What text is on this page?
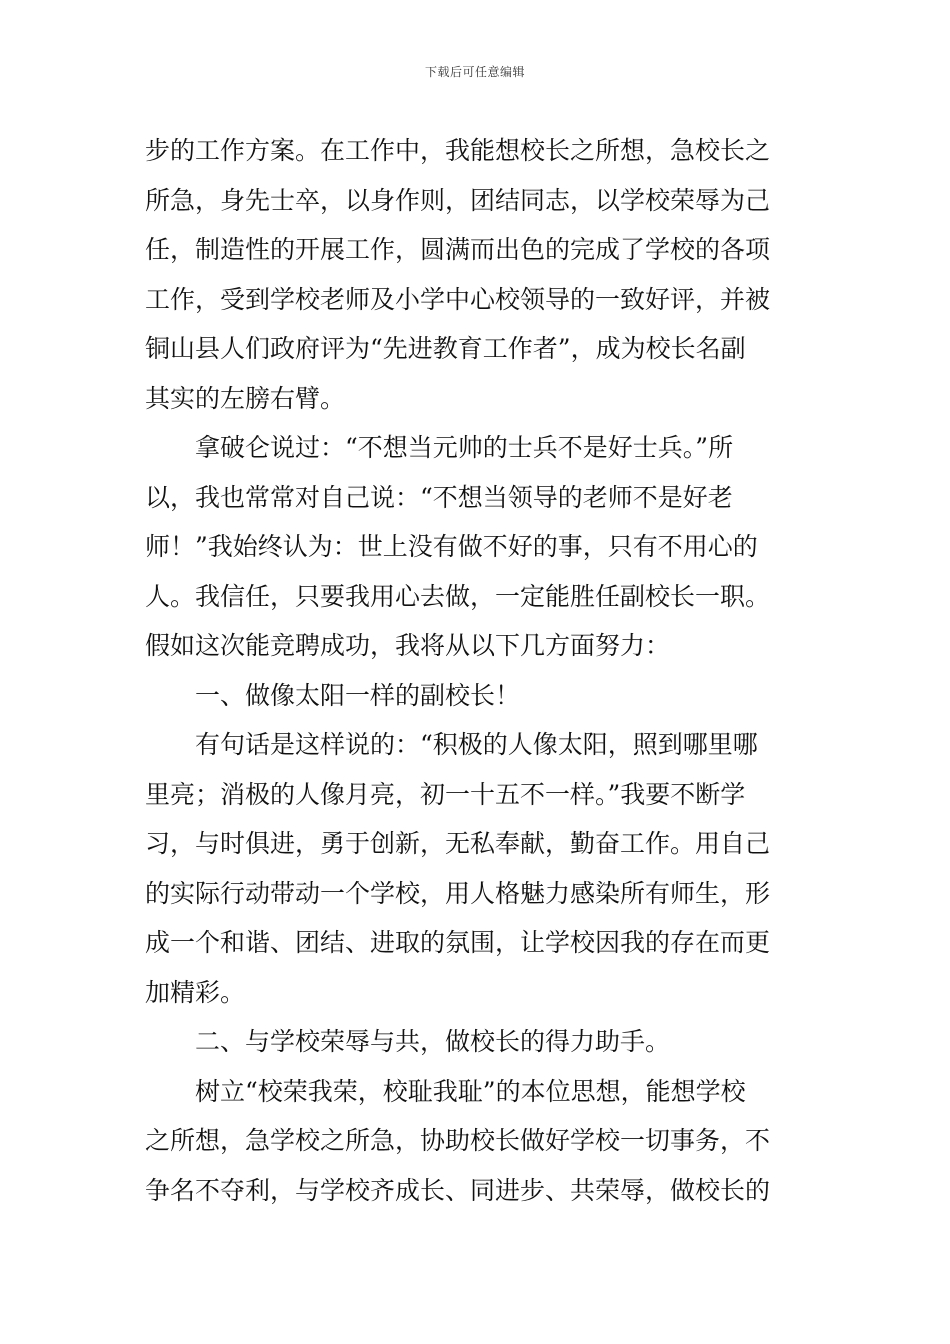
下载后可任意编辑

步的工作方案。在工作中，我能想校长之所想，急校长之
所急，身先士卒，以身作则，团结同志，以学校荣辱为己
任，制造性的开展工作，圆满而出色的完成了学校的各项
工作，受到学校老师及小学中心校领导的一致好评，并被
铜山县人们政府评为“先进教育工作者”，成为校长名副
其实的左膀右臂。

拿破仑说过：“不想当元帅的士兵不是好士兵。”所
以，我也常常对自己说：“不想当领导的老师不是好老
师！”我始终认为：世上没有做不好的事，只有不用心的
人。我信任，只要我用心去做，一定能胜任副校长一职。
假如这次能竞聘成功，我将从以下几方面努力：

一、做像太阳一样的副校长！

有句话是这样说的：“积极的人像太阳，照到哪里哪
里亮；消极的人像月亮，初一十五不一样。”我要不断学
习，与时俱进，勇于创新，无私奉献，勤奋工作。用自己
的实际行动带动一个学校，用人格魅力感染所有师生，形
成一个和谐、团结、进取的氛围，让学校因我的存在而更
加精彩。

二、与学校荣辱与共，做校长的得力助手。

树立“校荣我荣，校耻我耻”的本位思想，能想学校
之所想，急学校之所急，协助校长做好学校一切事务，不
争名不夺利，与学校齐成长、同进步、共荣辱，做校长的
